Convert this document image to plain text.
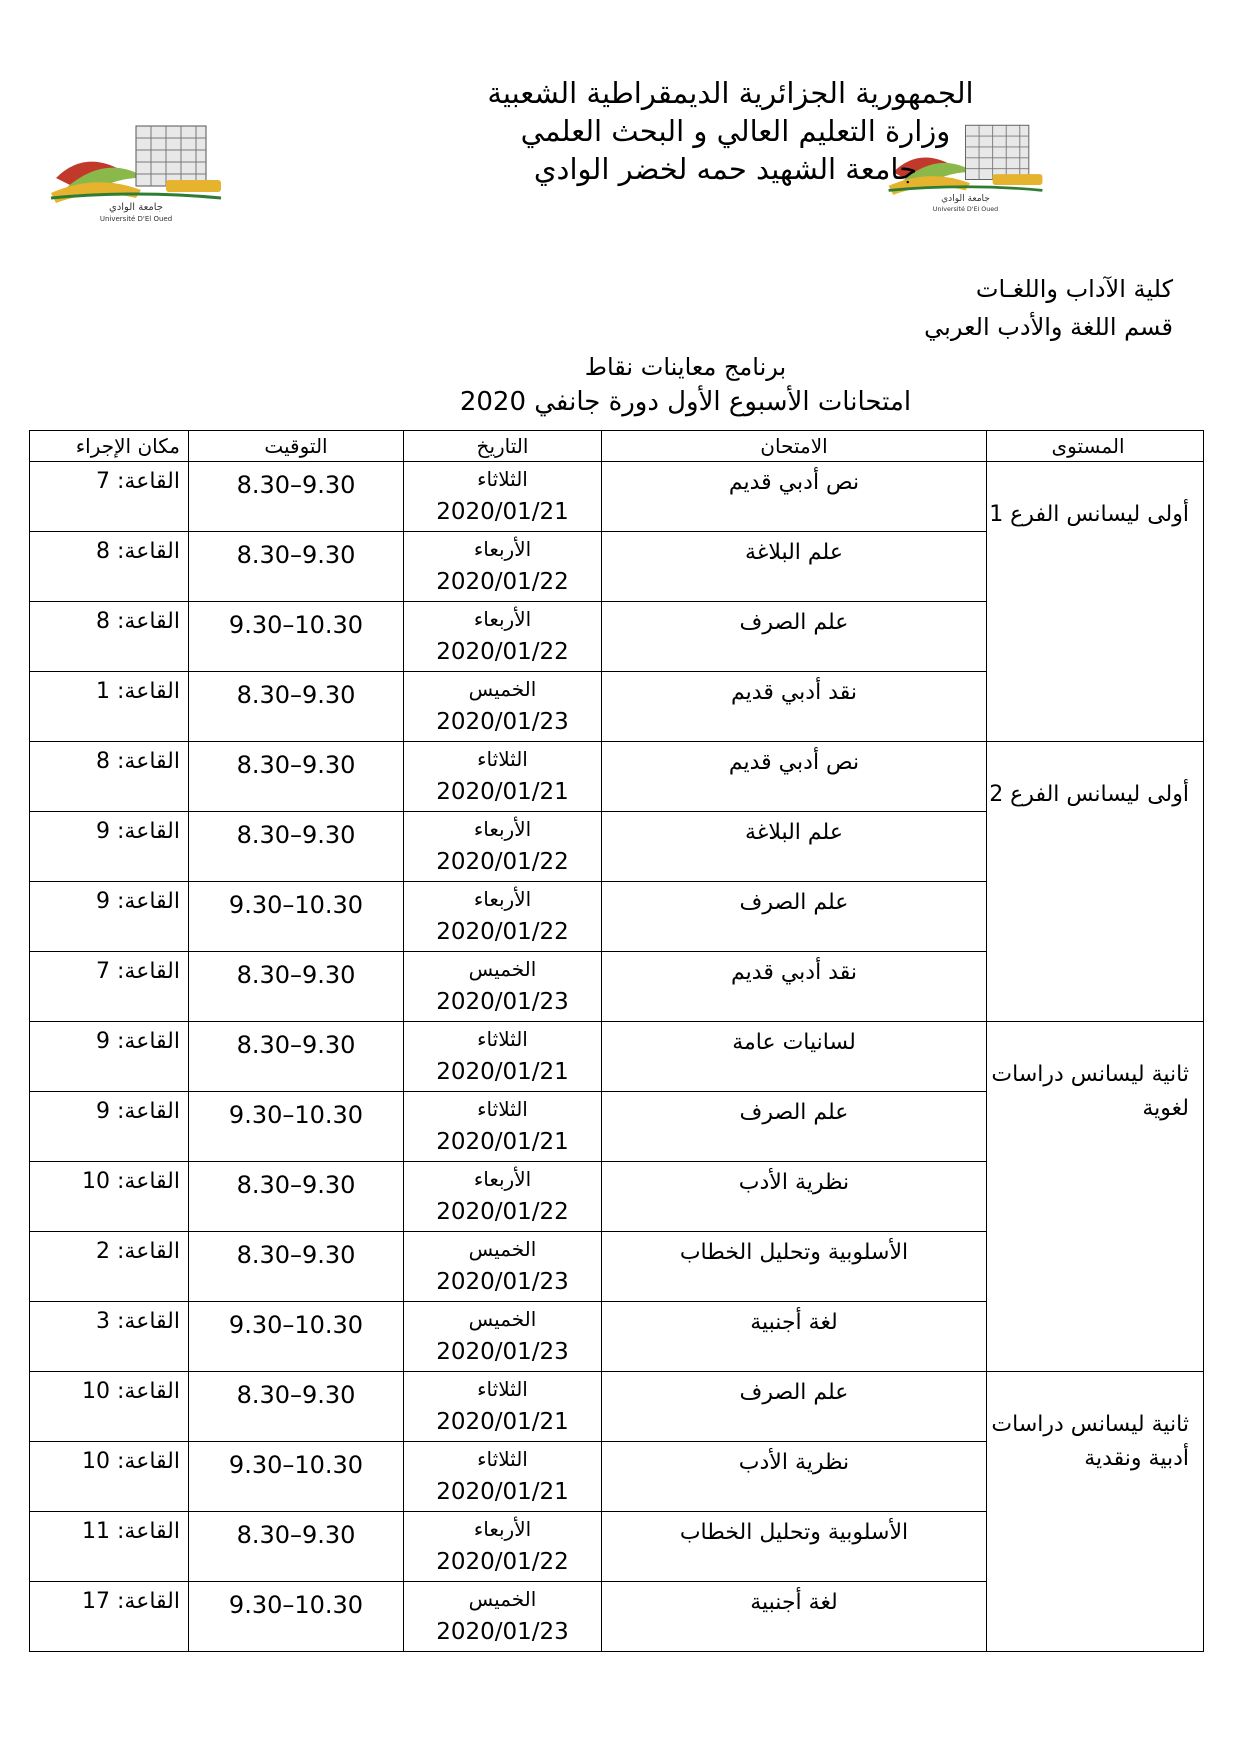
جامعة الوادي
Université D'El Oued
جامعة الوادي
Université D'El Oued
الجمهورية الجزائرية الديمقراطية الشعبية
وزارة التعليم العالي و البحث العلمي
جامعة الشهيد حمه لخضر الوادي
كلية الآداب واللغـات
قسم اللغة والأدب العربي
برنامج معاينات نقاط
امتحانات الأسبوع الأول دورة جانفي 2020
المستوى	الامتحان	التاريخ	التوقيت	مكان الإجراء

أولى ليسانس الفرع 1	نص أدبي قديم	الثلاثاء
2020/01/21	8.30–9.30	القاعة: 7

	علم البلاغة	الأربعاء
2020/01/22	8.30–9.30	القاعة: 8

	علم الصرف	الأربعاء
2020/01/22	9.30–10.30	القاعة: 8

	نقد أدبي قديم	الخميس
2020/01/23	8.30–9.30	القاعة: 1

أولى ليسانس الفرع 2	نص أدبي قديم	الثلاثاء
2020/01/21	8.30–9.30	القاعة: 8

	علم البلاغة	الأربعاء
2020/01/22	8.30–9.30	القاعة: 9

	علم الصرف	الأربعاء
2020/01/22	9.30–10.30	القاعة: 9

	نقد أدبي قديم	الخميس
2020/01/23	8.30–9.30	القاعة: 7

ثانية ليسانس دراسات لغوية	لسانيات عامة	الثلاثاء
2020/01/21	8.30–9.30	القاعة: 9

	علم الصرف	الثلاثاء
2020/01/21	9.30–10.30	القاعة: 9

	نظرية الأدب	الأربعاء
2020/01/22	8.30–9.30	القاعة: 10

	الأسلوبية وتحليل الخطاب	الخميس
2020/01/23	8.30–9.30	القاعة: 2

	لغة أجنبية	الخميس
2020/01/23	9.30–10.30	القاعة: 3

ثانية ليسانس دراسات أدبية ونقدية	علم الصرف	الثلاثاء
2020/01/21	8.30–9.30	القاعة: 10

	نظرية الأدب	الثلاثاء
2020/01/21	9.30–10.30	القاعة: 10

	الأسلوبية وتحليل الخطاب	الأربعاء
2020/01/22	8.30–9.30	القاعة: 11

	لغة أجنبية	الخميس
2020/01/23	9.30–10.30	القاعة: 17
